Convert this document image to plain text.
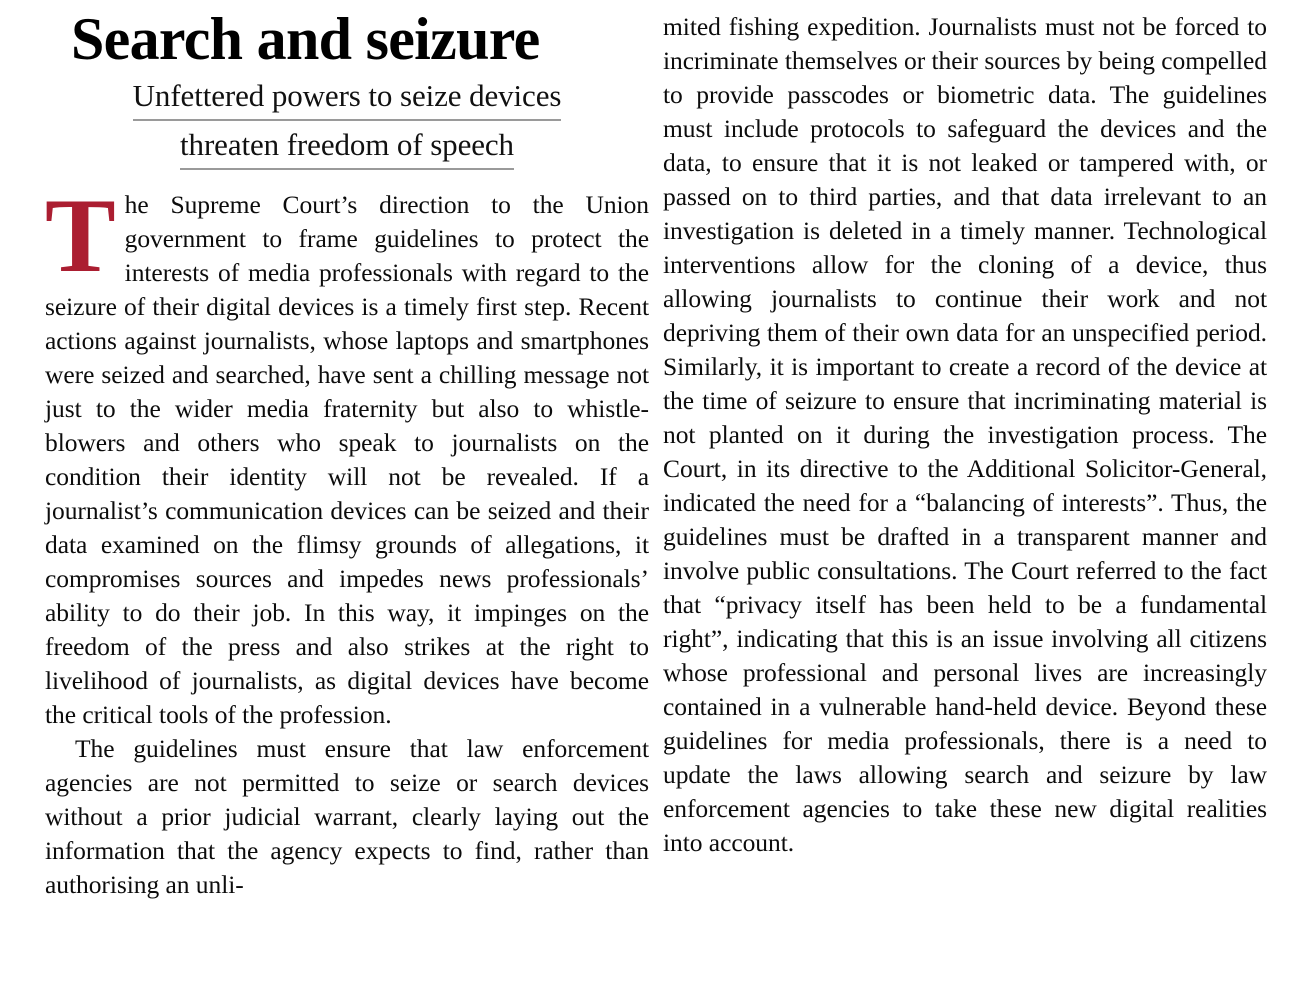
Search and seizure
Unfettered powers to seize devices threaten freedom of speech

The Supreme Court’s direction to the Union government to frame guidelines to protect the interests of media professionals with regard to the seizure of their digital devices is a timely first step. Recent actions against journalists, whose laptops and smartphones were seized and searched, have sent a chilling message not just to the wider media fraternity but also to whistle-blowers and others who speak to journalists on the condition their identity will not be revealed. If a journalist’s communication devices can be seized and their data examined on the flimsy grounds of allegations, it compromises sources and impedes news professionals’ ability to do their job. In this way, it impinges on the freedom of the press and also strikes at the right to livelihood of journalists, as digital devices have become the critical tools of the profession.

The guidelines must ensure that law enforcement agencies are not permitted to seize or search devices without a prior judicial warrant, clearly laying out the information that the agency expects to find, rather than authorising an unli-

mited fishing expedition. Journalists must not be forced to incriminate themselves or their sources by being compelled to provide passcodes or biometric data. The guidelines must include protocols to safeguard the devices and the data, to ensure that it is not leaked or tampered with, or passed on to third parties, and that data irrelevant to an investigation is deleted in a timely manner. Technological interventions allow for the cloning of a device, thus allowing journalists to continue their work and not depriving them of their own data for an unspecified period. Similarly, it is important to create a record of the device at the time of seizure to ensure that incriminating material is not planted on it during the investigation process. The Court, in its directive to the Additional Solicitor-General, indicated the need for a “balancing of interests”. Thus, the guidelines must be drafted in a transparent manner and involve public consultations. The Court referred to the fact that “privacy itself has been held to be a fundamental right”, indicating that this is an issue involving all citizens whose professional and personal lives are increasingly contained in a vulnerable hand-held device. Beyond these guidelines for media professionals, there is a need to update the laws allowing search and seizure by law enforcement agencies to take these new digital realities into account.
